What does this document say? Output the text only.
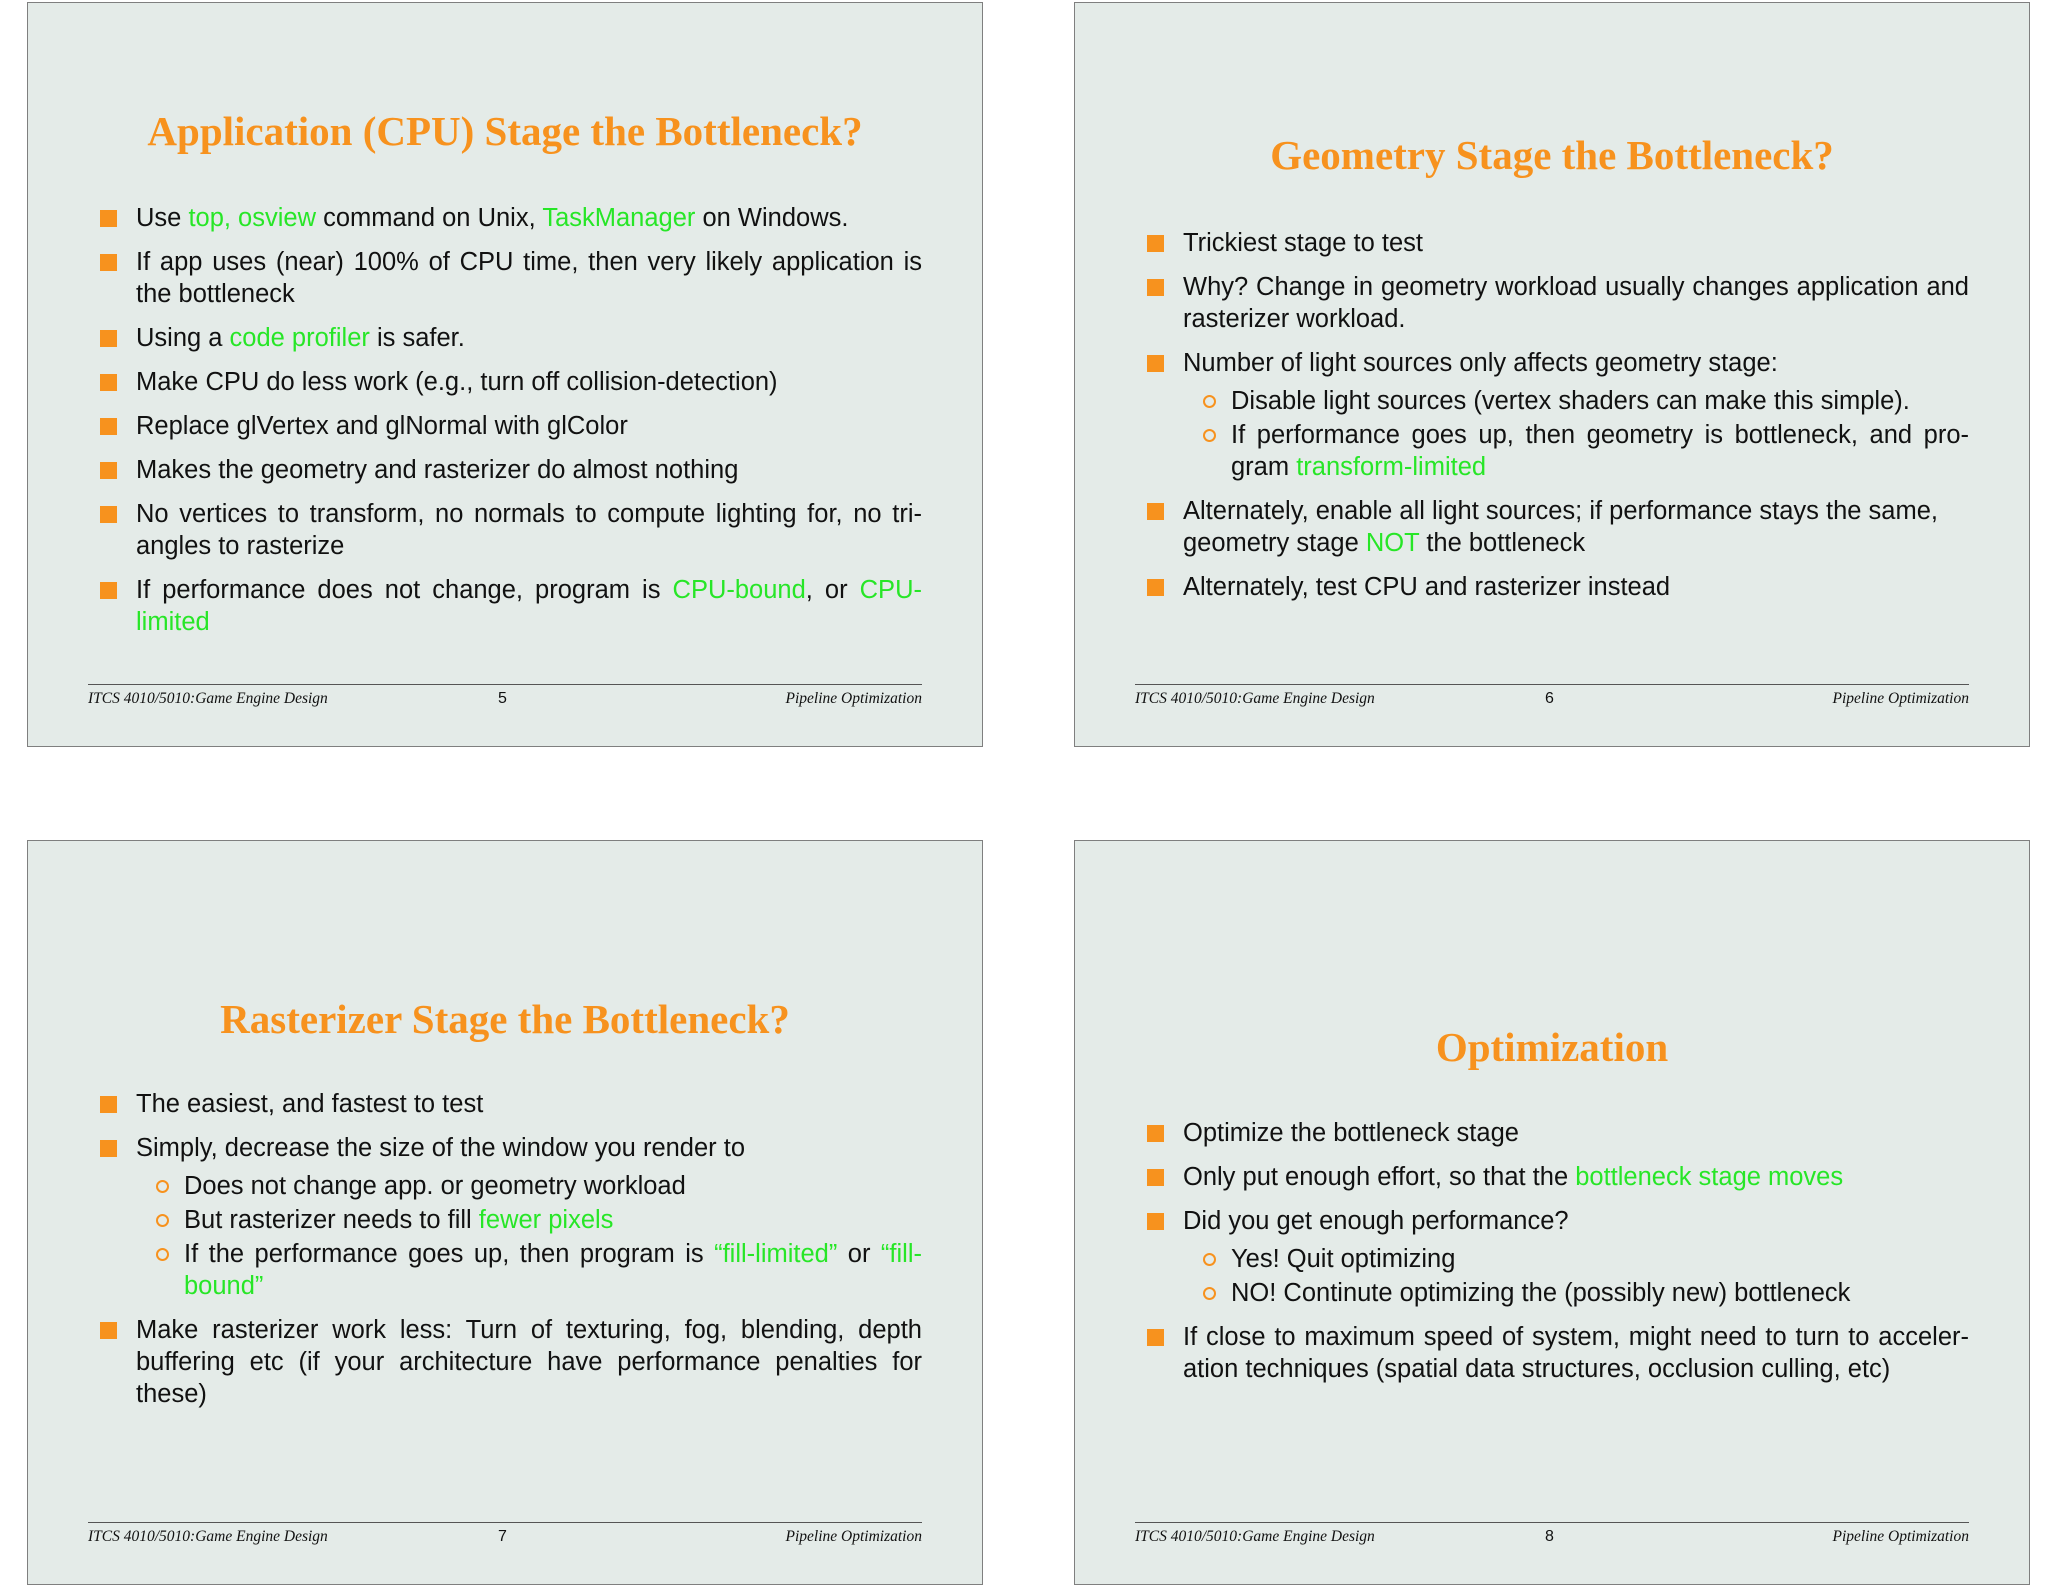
Application (CPU) Stage the Bottleneck?
Use top, osview command on Unix, TaskManager on Windows.
If app uses (near) 100% of CPU time, then very likely application is the bottleneck
Using a code profiler is safer.
Make CPU do less work (e.g., turn off collision-detection)
Replace glVertex and glNormal with glColor
Makes the geometry and rasterizer do almost nothing
No vertices to transform, no normals to compute lighting for, no tri-angles to rasterize
If performance does not change, program is CPU-bound, or CPU-limited
ITCS 4010/5010:Game Engine Design	5	Pipeline Optimization
Geometry Stage the Bottleneck?
Trickiest stage to test
Why? Change in geometry workload usually changes application and rasterizer workload.
Number of light sources only affects geometry stage:
Disable light sources (vertex shaders can make this simple).
If performance goes up, then geometry is bottleneck, and pro-gram transform-limited
Alternately, enable all light sources; if performance stays the same,
geometry stage NOT the bottleneck
Alternately, test CPU and rasterizer instead
ITCS 4010/5010:Game Engine Design	6	Pipeline Optimization
Rasterizer Stage the Bottleneck?
The easiest, and fastest to test
Simply, decrease the size of the window you render to
Does not change app. or geometry workload
But rasterizer needs to fill fewer pixels
If the performance goes up, then program is “fill-limited” or “fill-bound”
Make rasterizer work less: Turn of texturing, fog, blending, depth buffering etc (if your architecture have performance penalties for these)
ITCS 4010/5010:Game Engine Design	7	Pipeline Optimization
Optimization
Optimize the bottleneck stage
Only put enough effort, so that the bottleneck stage moves
Did you get enough performance?
Yes! Quit optimizing
NO! Continute optimizing the (possibly new) bottleneck
If close to maximum speed of system, might need to turn to acceler-ation techniques (spatial data structures, occlusion culling, etc)
ITCS 4010/5010:Game Engine Design	8	Pipeline Optimization
